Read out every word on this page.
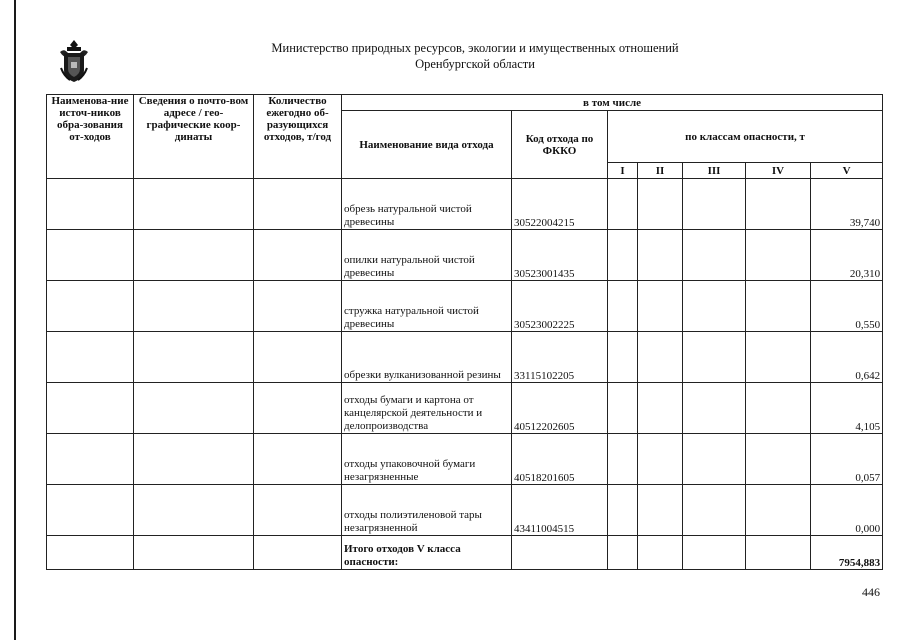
Министерство природных ресурсов, экологии и имущественных отношений
Оренбургской области
Наименова-ние источ-ников обра-зования от-ходов	Сведения о почто-вом адресе / гео-графические коор-динаты	Количество ежегодно об-разующихся отходов, т/год	в том числе						
			Наименование вида отхода	Код отхода по ФККО	по классам опасности, т				
					I	II	III	IV	V
			обрезь натуральной чистой древесины	30522004215					39,740
			опилки натуральной чистой древесины	30523001435					20,310
			стружка натуральной чистой древесины	30523002225					0,550
			обрезки вулканизованной резины	33115102205					0,642
			отходы бумаги и картона от канцелярской деятельности и делопроизводства	40512202605					4,105
			отходы упаковочной бумаги незагрязненные	40518201605					0,057
			отходы полиэтиленовой тары незагрязненной	43411004515					0,000
			Итого отходов V класса опасности:						7954,883
446
